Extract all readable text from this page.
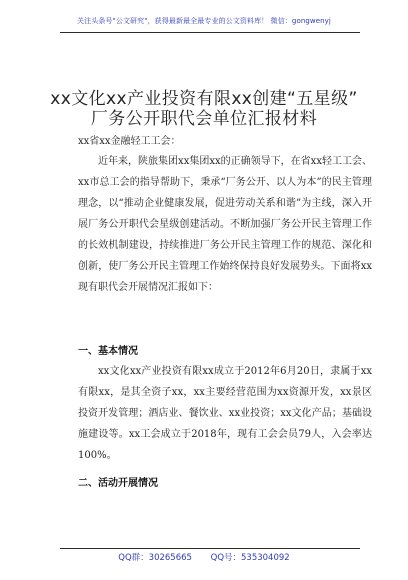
关注头条号"公文研究"，获得最新最全最专业的公文资料库！ 微信：gongwenyj
xx文化xx产业投资有限xx创建“五星级”
厂务公开职代会单位汇报材料
xx省xx金融轻工工会：
近年来，陕旅集团xx集团xx的正确领导下，在省xx轻工工会、xx市总工会的指导帮助下，秉承“厂务公开、以人为本”的民主管理理念，以“推动企业健康发展，促进劳动关系和谐”为主线，深入开展厂务公开职代会星级创建活动。不断加强厂务公开民主管理工作的长效机制建设，持续推进厂务公开民主管理工作的规范、深化和创新，使厂务公开民主管理工作始终保持良好发展势头。下面将xx现有职代会开展情况汇报如下：
一、基本情况
xx文化xx产业投资有限xx成立于2012年6月20日，隶属于xx有限xx，是其全资子xx，xx主要经营范围为xx资源开发，xx景区投资开发管理；酒店业、餐饮业、xx业投资；xx文化产品；基础设施建设等。xx工会成立于2018年，现有工会会员79人，入会率达100%。
二、活动开展情况
QQ群：30265665 QQ号：535304092
